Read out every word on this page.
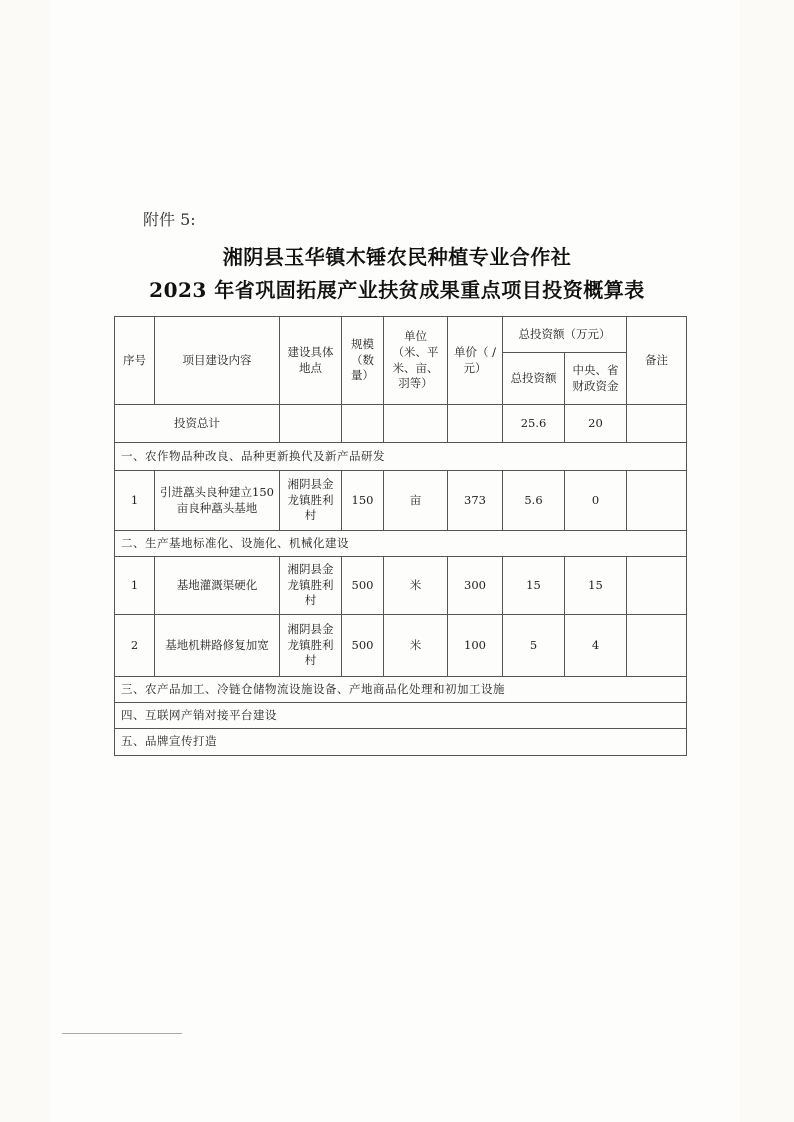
附件 5:
湘阴县玉华镇木锤农民种植专业合作社
2023 年省巩固拓展产业扶贫成果重点项目投资概算表
序号	项目建设内容	建设具体地点	规模（数量）	单位（米、平米、亩、羽等）	单价（ / 元）	总投资额（万元）		备注
						总投资额	中央、省财政资金	
投资总计						25.6	20	
一、农作物品种改良、品种更新换代及新产品研发								
1	引进藠头良种建立150亩良种藠头基地	湘阴县金龙镇胜利村	150	亩	373	5.6	0	
二、生产基地标准化、设施化、机械化建设								
1	基地灌溉渠硬化	湘阴县金龙镇胜利村	500	米	300	15	15	
2	基地机耕路修复加宽	湘阴县金龙镇胜利村	500	米	100	5	4	
三、农产品加工、冷链仓储物流设施设备、产地商品化处理和初加工设施								
四、互联网产销对接平台建设								
五、品牌宣传打造								
